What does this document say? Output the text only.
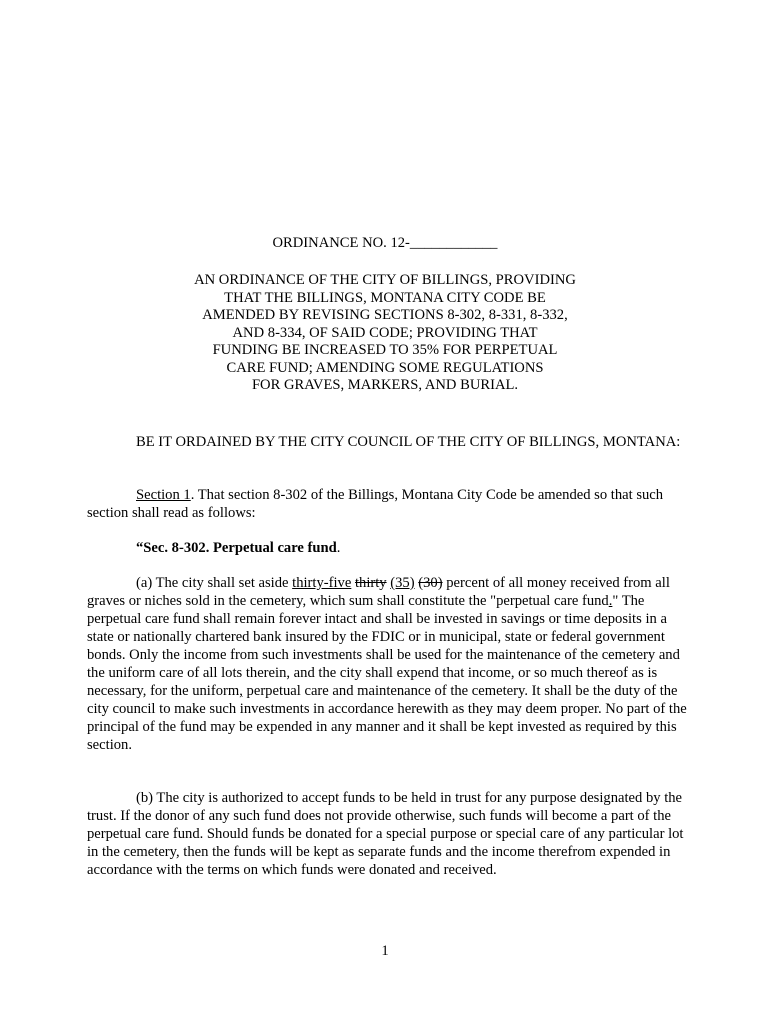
ORDINANCE NO. 12-____________
AN ORDINANCE OF THE CITY OF BILLINGS, PROVIDING
THAT THE BILLINGS, MONTANA CITY CODE BE
AMENDED BY REVISING SECTIONS 8-302, 8-331, 8-332,
AND 8-334, OF SAID CODE; PROVIDING THAT
FUNDING BE INCREASED TO 35% FOR PERPETUAL
CARE FUND; AMENDING SOME REGULATIONS
FOR GRAVES, MARKERS, AND BURIAL.

BE IT ORDAINED BY THE CITY COUNCIL OF THE CITY OF BILLINGS, MONTANA:

Section 1. That section 8-302 of the Billings, Montana City Code be amended so that such section shall read as follows:

“Sec. 8-302. Perpetual care fund.

(a) The city shall set aside thirty-five thirty (35) (30) percent of all money received from all graves or niches sold in the cemetery, which sum shall constitute the "perpetual care fund." The perpetual care fund shall remain forever intact and shall be invested in savings or time deposits in a state or nationally chartered bank insured by the FDIC or in municipal, state or federal government bonds. Only the income from such investments shall be used for the maintenance of the cemetery and the uniform care of all lots therein, and the city shall expend that income, or so much thereof as is necessary, for the uniform, perpetual care and maintenance of the cemetery. It shall be the duty of the city council to make such investments in accordance herewith as they may deem proper. No part of the principal of the fund may be expended in any manner and it shall be kept invested as required by this section.

(b) The city is authorized to accept funds to be held in trust for any purpose designated by the trust. If the donor of any such fund does not provide otherwise, such funds will become a part of the perpetual care fund. Should funds be donated for a special purpose or special care of any particular lot in the cemetery, then the funds will be kept as separate funds and the income therefrom expended in accordance with the terms on which funds were donated and received.

1
